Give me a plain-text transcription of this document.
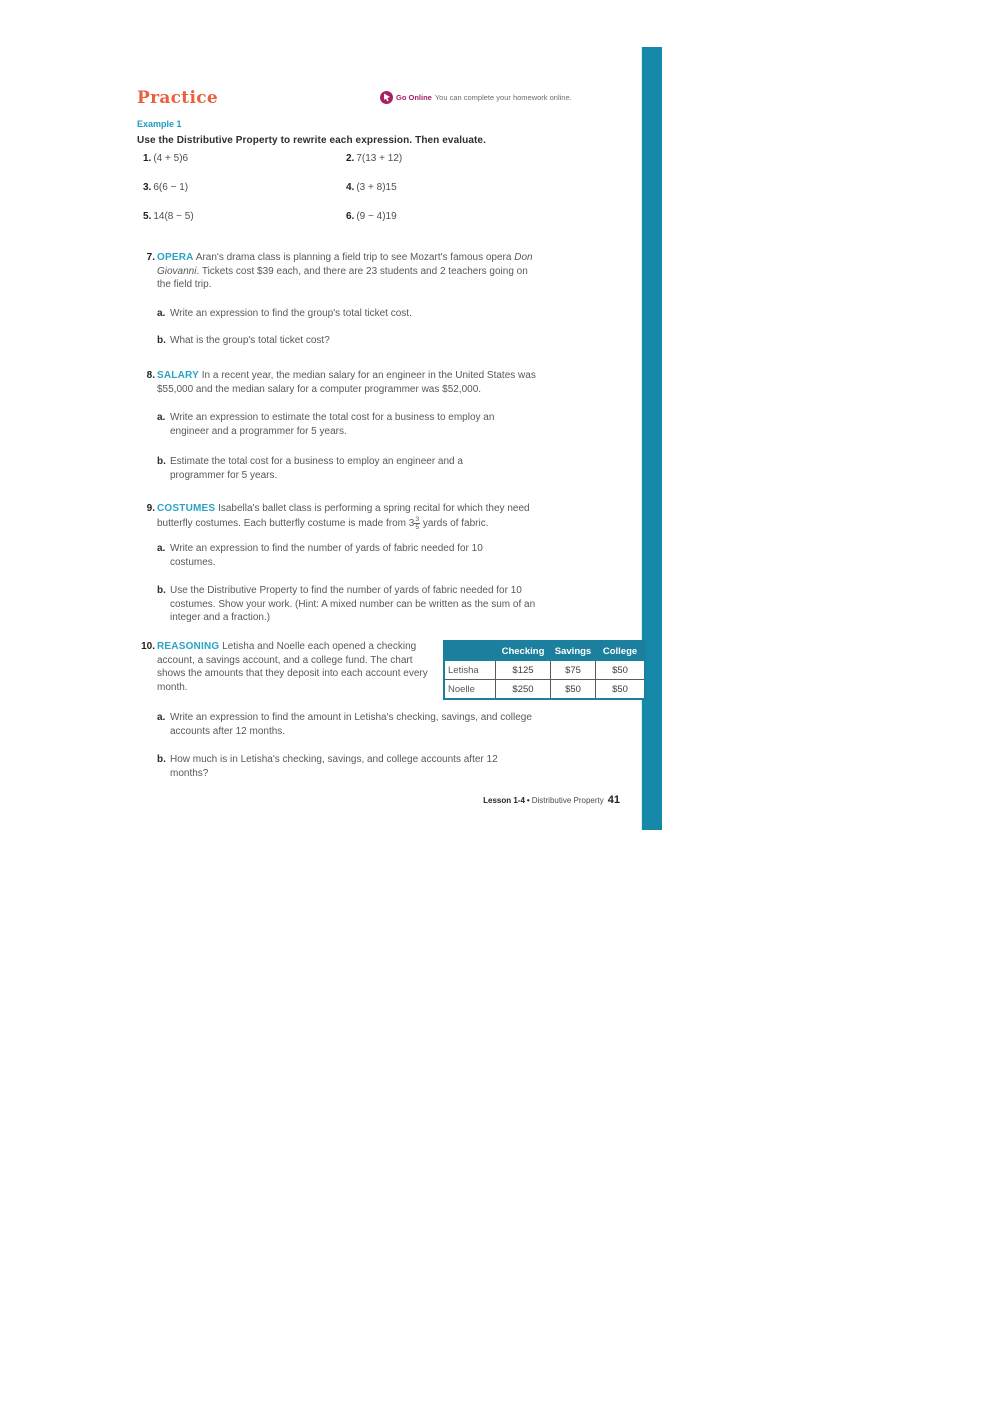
Practice	Go Online You can complete your homework online.
Example 1
Use the Distributive Property to rewrite each expression. Then evaluate.
1. (4 + 5)6	2. 7(13 + 12)
3. 6(6 − 1)	4. (3 + 8)15
5. 14(8 − 5)	6. (9 − 4)19
7. OPERA Aran's drama class is planning a field trip to see Mozart's famous opera Don Giovanni. Tickets cost $39 each, and there are 23 students and 2 teachers going on the field trip.
a. Write an expression to find the group's total ticket cost.
b. What is the group's total ticket cost?
8. SALARY In a recent year, the median salary for an engineer in the United States was $55,000 and the median salary for a computer programmer was $52,000.
a. Write an expression to estimate the total cost for a business to employ an engineer and a programmer for 5 years.
b. Estimate the total cost for a business to employ an engineer and a programmer for 5 years.
9. COSTUMES Isabella's ballet class is performing a spring recital for which they need butterfly costumes. Each butterfly costume is made from $3 \frac{3}{5}$ yards of fabric.
a. Write an expression to find the number of yards of fabric needed for 10 costumes.
b. Use the Distributive Property to find the number of yards of fabric needed for 10 costumes. Show your work. (Hint: A mixed number can be written as the sum of an integer and a fraction.)
10. REASONING Letisha and Noelle each opened a checking account, a savings account, and a college fund. The chart shows the amounts that they deposit into each account every month.
	Checking	Savings	College
Letisha	$125	$75	$50
Noelle	$250	$50	$50
a. Write an expression to find the amount in Letisha's checking, savings, and college accounts after 12 months.
b. How much is in Letisha's checking, savings, and college accounts after 12 months?
Lesson 1-4 • Distributive Property 41
